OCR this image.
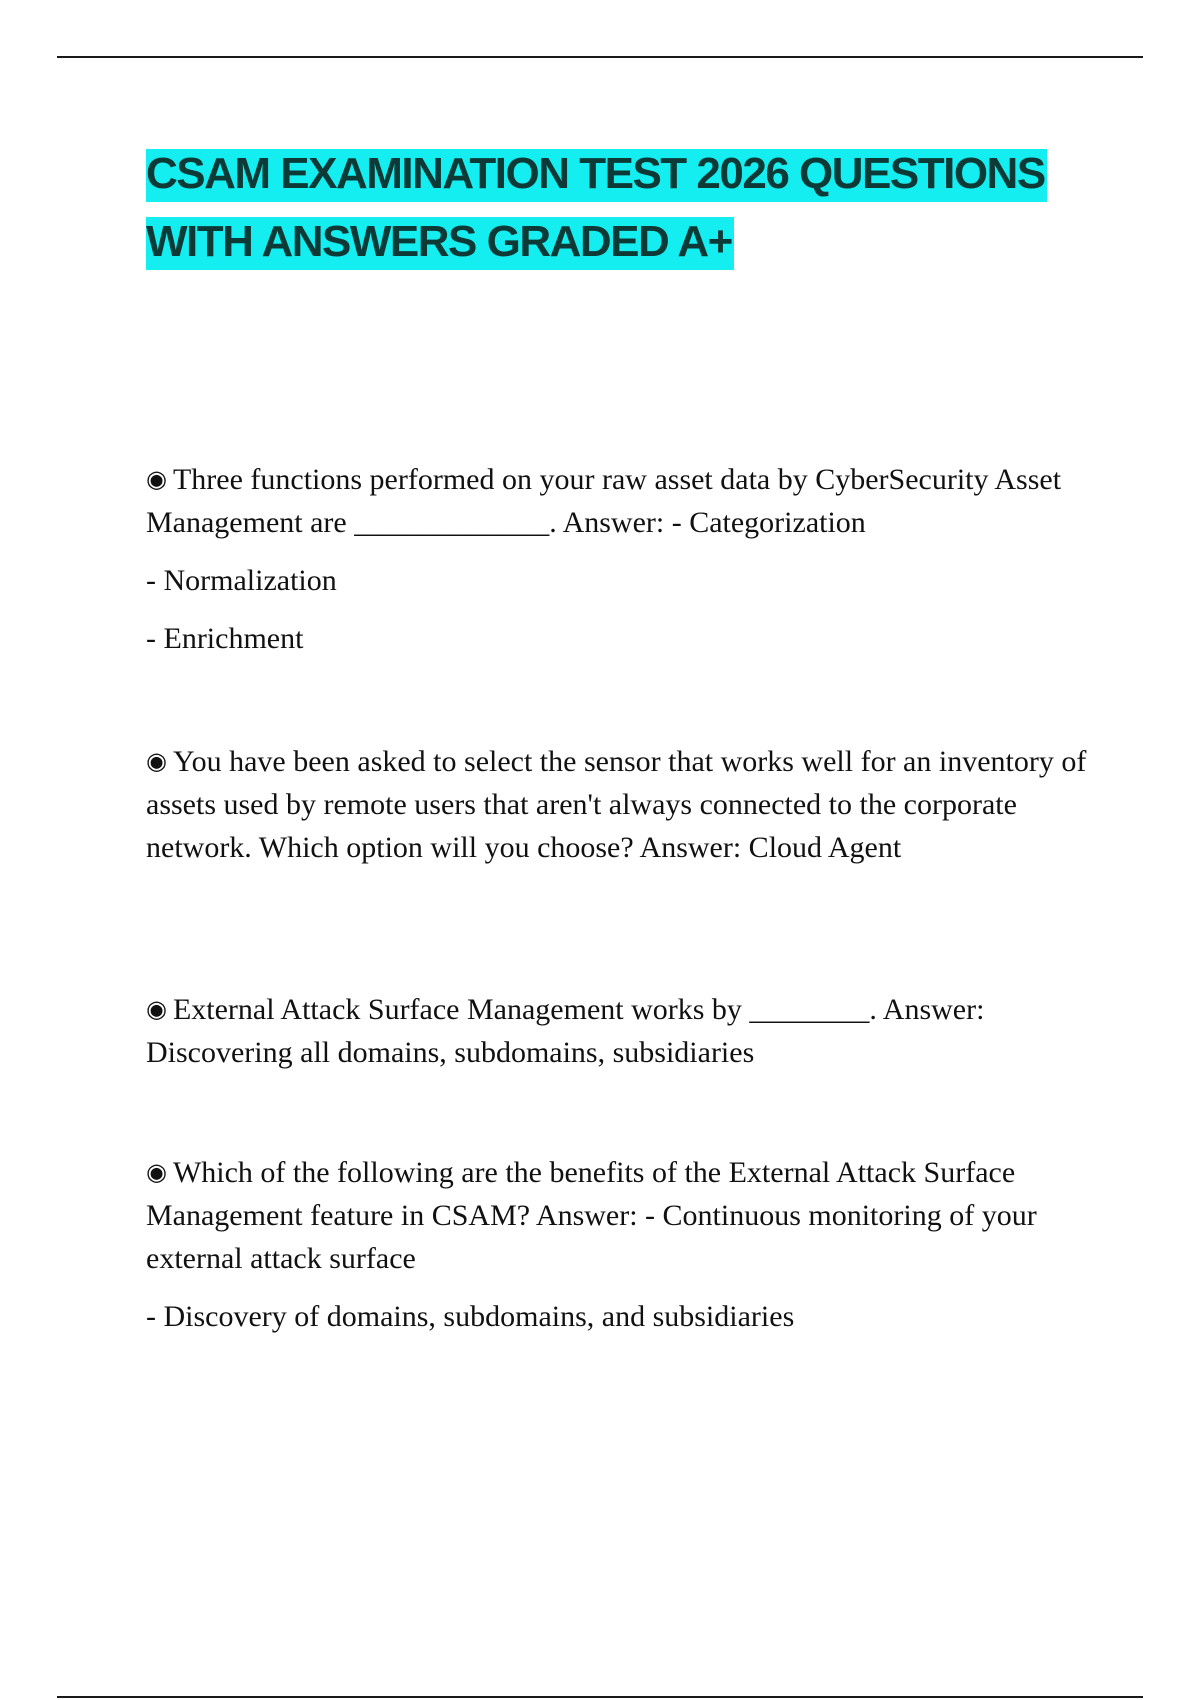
CSAM EXAMINATION TEST 2026 QUESTIONS WITH ANSWERS GRADED A+

◉ Three functions performed on your raw asset data by CyberSecurity Asset Management are _____________. Answer: - Categorization

- Normalization

- Enrichment

◉ You have been asked to select the sensor that works well for an inventory of assets used by remote users that aren't always connected to the corporate network. Which option will you choose? Answer: Cloud Agent

◉ External Attack Surface Management works by ________. Answer: Discovering all domains, subdomains, subsidiaries

◉ Which of the following are the benefits of the External Attack Surface Management feature in CSAM? Answer: - Continuous monitoring of your external attack surface

- Discovery of domains, subdomains, and subsidiaries
